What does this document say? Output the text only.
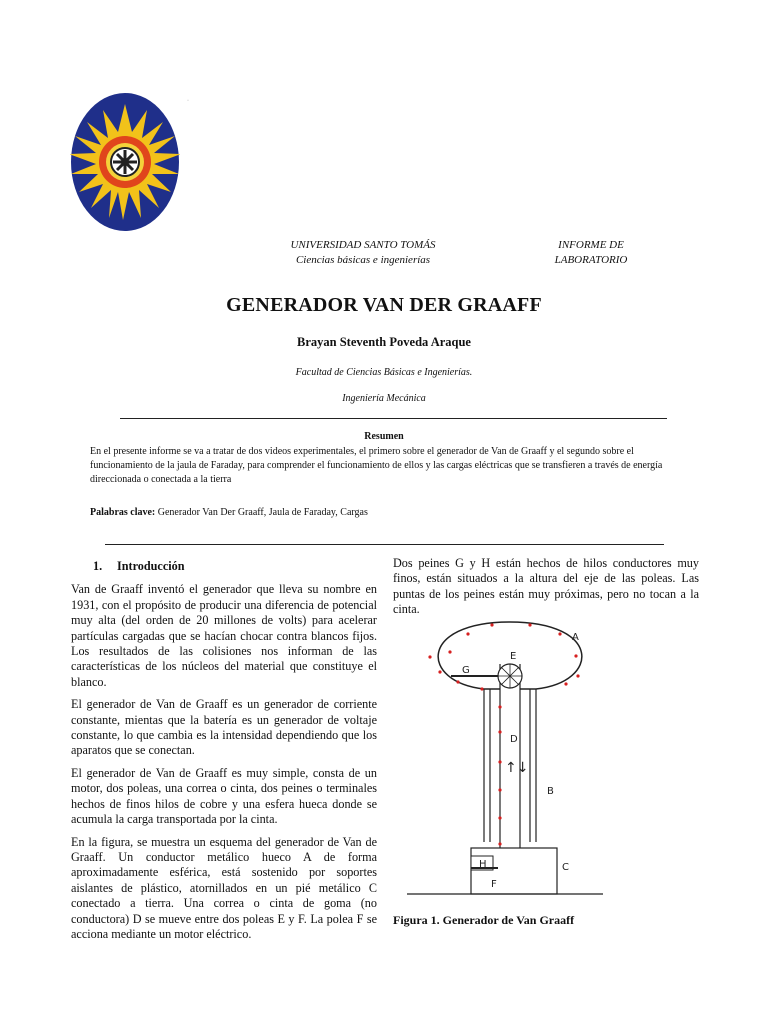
·
UNIVERSIDAD SANTO TOMÁS
Ciencias básicas e ingenierías
INFORME DE
LABORATORIO
GENERADOR VAN DER GRAAFF
Brayan Steventh Poveda Araque
Facultad de Ciencias Básicas e Ingenierías.
Ingeniería Mecánica
Resumen
En el presente informe se va a tratar de dos videos experimentales, el primero sobre el generador de Van de Graaff y el segundo sobre el funcionamiento de la jaula de Faraday, para comprender el funcionamiento de ellos y las cargas eléctricas que se transfieren a través de energía direccionada o conectada a la tierra
Palabras clave: Generador Van Der Graaff, Jaula de Faraday, Cargas
1. Introducción

Van de Graaff inventó el generador que lleva su nombre en 1931, con el propósito de producir una diferencia de potencial muy alta (del orden de 20 millones de volts) para acelerar partículas cargadas que se hacían chocar contra blancos fijos. Los resultados de las colisiones nos informan de las características de los núcleos del material que constituye el blanco.

El generador de Van de Graaff es un generador de corriente constante, mientas que la batería es un generador de voltaje constante, lo que cambia es la intensidad dependiendo que los aparatos que se conectan.

El generador de Van de Graaff es muy simple, consta de un motor, dos poleas, una correa o cinta, dos peines o terminales hechos de finos hilos de cobre y una esfera hueca donde se acumula la carga transportada por la cinta.

En la figura, se muestra un esquema del generador de Van de Graaff. Un conductor metálico hueco A de forma aproximadamente esférica, está sostenido por soportes aislantes de plástico, atornillados en un pié metálico C conectado a tierra. Una correa o cinta de goma (no conductora) D se mueve entre dos poleas E y F. La polea F se acciona mediante un motor eléctrico.

Dos peines G y H están hechos de hilos conductores muy finos, están situados a la altura del eje de las poleas. Las puntas de los peines están muy próximas, pero no tocan a la cinta.

A
E
G
D
B
H	C
F
↑↓
Figura 1. Generador de Van Graaff
